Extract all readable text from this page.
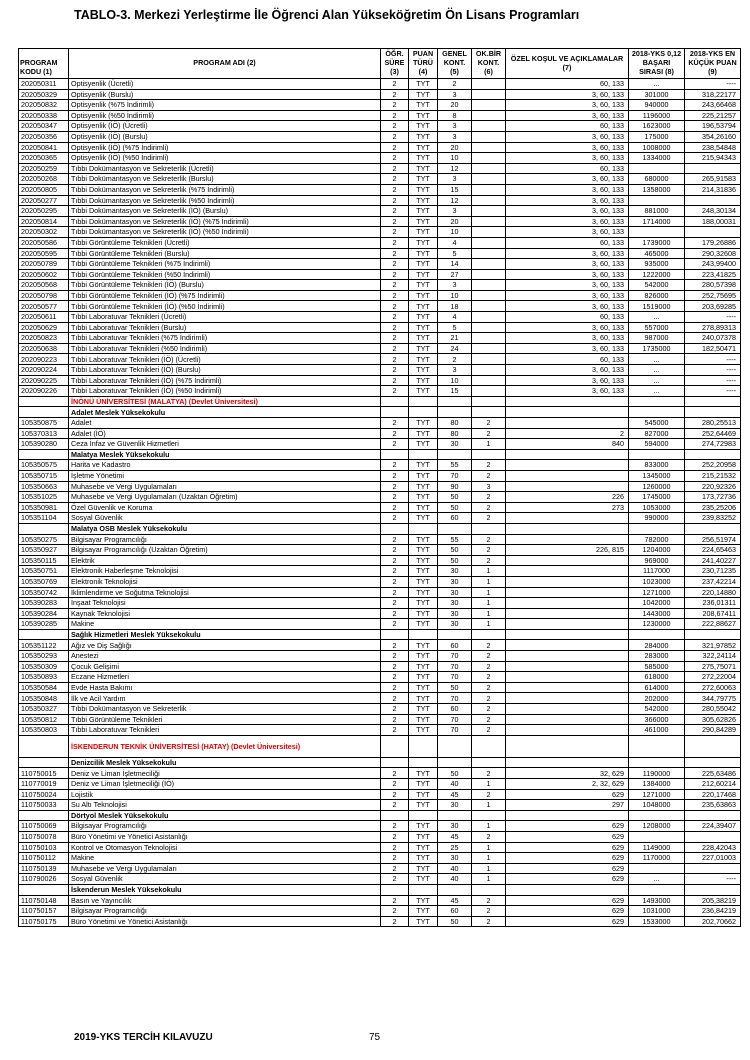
TABLO-3. Merkezi Yerleştirme İle Öğrenci Alan Yükseköğretim Ön Lisans Programları
PROGRAM KODU (1)	PROGRAM ADI (2)	ÖĞR. SÜRE (3)	PUAN TÜRÜ (4)	GENEL KONT. (5)	OK.BİR KONT. (6)	ÖZEL KOŞUL VE AÇIKLAMALAR (7)	2018-YKS 0,12 BAŞARI SIRASI (8)	2018-YKS EN KÜÇÜK PUAN (9)
202050311	Optisyenlik (Ücretli)	2	TYT	2		60, 133	...	----
202050329	Optisyenlik (Burslu)	2	TYT	3		3, 60, 133	301000	318,22177
202050832	Optisyenlik (%75 İndirimli)	2	TYT	20		3, 60, 133	940000	243,66468
202050338	Optisyenlik (%50 İndirimli)	2	TYT	8		3, 60, 133	1196000	225,21257
202050347	Optisyenlik (İÖ) (Ücretli)	2	TYT	3		60, 133	1623000	196,53794
202050356	Optisyenlik (İÖ) (Burslu)	2	TYT	3		3, 60, 133	175000	354,26160
202050841	Optisyenlik (İÖ) (%75 İndirimli)	2	TYT	20		3, 60, 133	1008000	238,54848
202050365	Optisyenlik (İÖ) (%50 İndirimli)	2	TYT	10		3, 60, 133	1334000	215,94343
202050259	Tıbbi Dokümantasyon ve Sekreterlik (Ücretli)	2	TYT	12		60, 133		
202050268	Tıbbi Dokümantasyon ve Sekreterlik (Burslu)	2	TYT	3		3, 60, 133	680000	265,91583
202050805	Tıbbi Dokümantasyon ve Sekreterlik (%75 İndirimli)	2	TYT	15		3, 60, 133	1358000	214,31836
202050277	Tıbbi Dokümantasyon ve Sekreterlik (%50 İndirimli)	2	TYT	12		3, 60, 133		
202050295	Tıbbi Dokümantasyon ve Sekreterlik (İÖ) (Burslu)	2	TYT	3		3, 60, 133	881000	248,30134
202050814	Tıbbi Dokümantasyon ve Sekreterlik (İÖ) (%75 İndirimli)	2	TYT	20		3, 60, 133	1714000	188,00031
202050302	Tıbbi Dokümantasyon ve Sekreterlik (İÖ) (%50 İndirimli)	2	TYT	10		3, 60, 133		
202050586	Tıbbi Görüntüleme Teknikleri (Ücretli)	2	TYT	4		60, 133	1739000	179,26886
202050595	Tıbbi Görüntüleme Teknikleri (Burslu)	2	TYT	5		3, 60, 133	465000	290,32608
202050789	Tıbbi Görüntüleme Teknikleri (%75 İndirimli)	2	TYT	14		3, 60, 133	935000	243,99400
202050602	Tıbbi Görüntüleme Teknikleri (%50 İndirimli)	2	TYT	27		3, 60, 133	1222000	223,41825
202050568	Tıbbi Görüntüleme Teknikleri (İÖ) (Burslu)	2	TYT	3		3, 60, 133	542000	280,57398
202050798	Tıbbi Görüntüleme Teknikleri (İÖ) (%75 İndirimli)	2	TYT	10		3, 60, 133	826000	252,75695
202050577	Tıbbi Görüntüleme Teknikleri (İÖ) (%50 İndirimli)	2	TYT	18		3, 60, 133	1519000	203,69285
202050611	Tıbbi Laboratuvar Teknikleri (Ücretli)	2	TYT	4		60, 133	...	----
202050629	Tıbbi Laboratuvar Teknikleri (Burslu)	2	TYT	5		3, 60, 133	557000	278,89313
202050823	Tıbbi Laboratuvar Teknikleri (%75 İndirimli)	2	TYT	21		3, 60, 133	987000	240,07378
202050638	Tıbbi Laboratuvar Teknikleri (%50 İndirimli)	2	TYT	24		3, 60, 133	1735000	182,50471
202090223	Tıbbi Laboratuvar Teknikleri (İÖ) (Ücretli)	2	TYT	2		60, 133	...	----
202090224	Tıbbi Laboratuvar Teknikleri (İÖ) (Burslu)	2	TYT	3		3, 60, 133	...	----
202090225	Tıbbi Laboratuvar Teknikleri (İÖ) (%75 İndirimli)	2	TYT	10		3, 60, 133	...	----
202090226	Tıbbi Laboratuvar Teknikleri (İÖ) (%50 İndirimli)	2	TYT	15		3, 60, 133	...	----
	İNÖNÜ ÜNİVERSİTESİ (MALATYA) (Devlet Üniversitesi)							
	Adalet Meslek Yüksekokulu							
105350875	Adalet	2	TYT	80	2		545000	280,25513
105370313	Adalet (İÖ)	2	TYT	80	2	2	827000	252,64469
105390280	Ceza İnfaz ve Güvenlik Hizmetleri	2	TYT	30	1	840	594000	274,72983
	Malatya Meslek Yüksekokulu							
105350575	Harita ve Kadastro	2	TYT	55	2		833000	252,20958
105350715	İşletme Yönetimi	2	TYT	70	2		1345000	215,21532
105350663	Muhasebe ve Vergi Uygulamaları	2	TYT	90	3		1260000	220,92326
105351025	Muhasebe ve Vergi Uygulamaları (Uzaktan Öğretim)	2	TYT	50	2	226	1745000	173,72736
105350981	Özel Güvenlik ve Koruma	2	TYT	50	2	273	1053000	235,25206
105351104	Sosyal Güvenlik	2	TYT	60	2		990000	239,83252
	Malatya OSB Meslek Yüksekokulu							
105350275	Bilgisayar Programcılığı	2	TYT	55	2		782000	256,51974
105350927	Bilgisayar Programcılığı (Uzaktan Öğretim)	2	TYT	50	2	226, 815	1204000	224,65463
105350115	Elektrik	2	TYT	50	2		969000	241,40227
105350751	Elektronik Haberleşme Teknolojisi	2	TYT	30	1		1117000	230,71235
105350769	Elektronik Teknolojisi	2	TYT	30	1		1023000	237,42214
105350742	İklimlendirme ve Soğutma Teknolojisi	2	TYT	30	1		1271000	220,14880
105390283	İnşaat Teknolojisi	2	TYT	30	1		1042000	236,01311
105390284	Kaynak Teknolojisi	2	TYT	30	1		1443000	208,67411
105390285	Makine	2	TYT	30	1		1230000	222,88627
	Sağlık Hizmetleri Meslek Yüksekokulu							
105351122	Ağız ve Diş Sağlığı	2	TYT	60	2		284000	321,97852
105350293	Anestezi	2	TYT	70	2		283000	322,24114
105350309	Çocuk Gelişimi	2	TYT	70	2		585000	275,75071
105350893	Eczane Hizmetleri	2	TYT	70	2		618000	272,22004
105350584	Evde Hasta Bakımı	2	TYT	50	2		614000	272,60063
105350848	İlk ve Acil Yardım	2	TYT	70	2		202000	344,79775
105350327	Tıbbi Dokümantasyon ve Sekreterlik	2	TYT	60	2		542000	280,55042
105350812	Tıbbi Görüntüleme Teknikleri	2	TYT	70	2		366000	305,62826
105350803	Tıbbi Laboratuvar Teknikleri	2	TYT	70	2		461000	290,84289
	İSKENDERUN TEKNİK ÜNİVERSİTESİ (HATAY) (Devlet Üniversitesi)							
	Denizcilik Meslek Yüksekokulu							
110750015	Deniz ve Liman İşletmeciliği	2	TYT	50	2	32, 629	1190000	225,63486
110770019	Deniz ve Liman İşletmeciliği (İÖ)	2	TYT	40	1	2, 32, 629	1384000	212,60214
110750024	Lojistik	2	TYT	45	2	629	1271000	220,17468
110750033	Su Altı Teknolojisi	2	TYT	30	1	297	1048000	235,63863
	Dörtyol Meslek Yüksekokulu							
110750069	Bilgisayar Programcılığı	2	TYT	30	1	629	1208000	224,39407
110750078	Büro Yönetimi ve Yönetici Asistanlığı	2	TYT	45	2	629		
110750103	Kontrol ve Otomasyon Teknolojisi	2	TYT	25	1	629	1149000	228,42043
110750112	Makine	2	TYT	30	1	629	1170000	227,01003
110750139	Muhasebe ve Vergi Uygulamaları	2	TYT	40	1	629		
110790026	Sosyal Güvenlik	2	TYT	40	1	629	...	----
	İskenderun Meslek Yüksekokulu							
110750148	Basın ve Yayıncılık	2	TYT	45	2	629	1493000	205,38219
110750157	Bilgisayar Programcılığı	2	TYT	60	2	629	1031000	236,84219
110750175	Büro Yönetimi ve Yönetici Asistanlığı	2	TYT	50	2	629	1533000	202,70662
2019-YKS TERCİH KILAVUZU	75
